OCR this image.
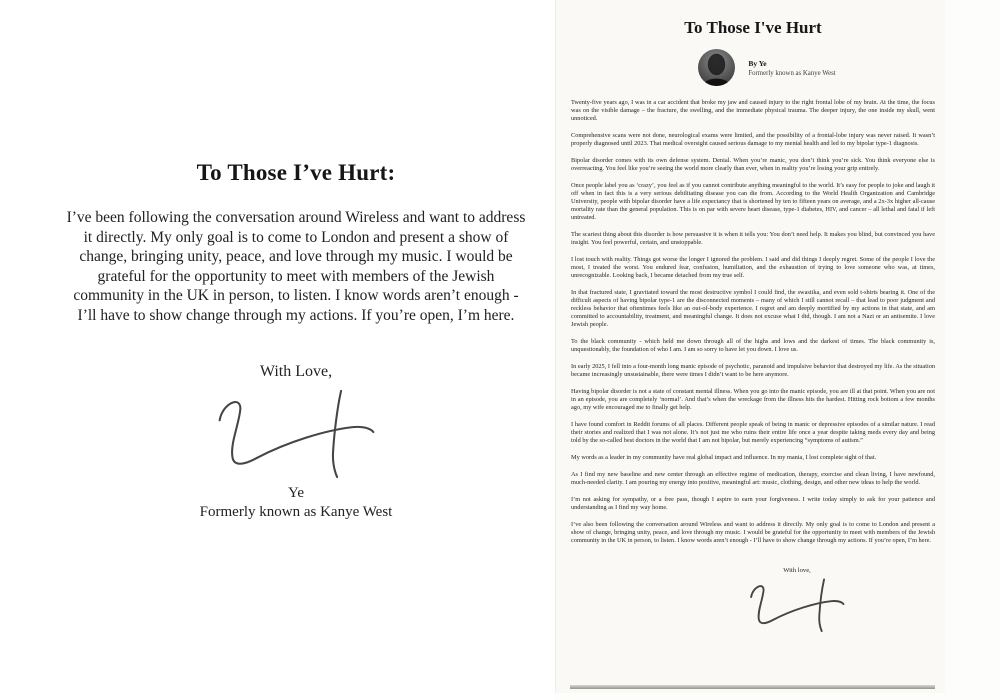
To Those I’ve Hurt:

I’ve been following the conversation around Wireless and want to address it directly. My only goal is to come to London and present a show of change, bringing unity, peace, and love through my music. I would be grateful for the opportunity to meet with members of the Jewish community in the UK in person, to listen. I know words aren’t enough - I’ll have to show change through my actions. If you’re open, I’m here.

With Love,

Ye

Formerly known as Kanye West

To Those I've Hurt
By Ye
Formerly known as Kanye West

Twenty-five years ago, I was in a car accident that broke my jaw and caused injury to the right frontal lobe of my brain. At the time, the focus was on the visible damage – the fracture, the swelling, and the immediate physical trauma. The deeper injury, the one inside my skull, went unnoticed.

Comprehensive scans were not done, neurological exams were limited, and the possibility of a frontal-lobe injury was never raised. It wasn’t properly diagnosed until 2023. That medical oversight caused serious damage to my mental health and led to my bipolar type-1 diagnosis.

Bipolar disorder comes with its own defense system. Denial. When you’re manic, you don’t think you’re sick. You think everyone else is overreacting. You feel like you’re seeing the world more clearly than ever, when in reality you’re losing your grip entirely.

Once people label you as ‘crazy’, you feel as if you cannot contribute anything meaningful to the world. It’s easy for people to joke and laugh it off when in fact this is a very serious debilitating disease you can die from. According to the World Health Organization and Cambridge University, people with bipolar disorder have a life expectancy that is shortened by ten to fifteen years on average, and a 2x-3x higher all-cause mortality rate than the general population. This is on par with severe heart disease, type-1 diabetes, HIV, and cancer – all lethal and fatal if left untreated.

The scariest thing about this disorder is how persuasive it is when it tells you: You don’t need help. It makes you blind, but convinced you have insight. You feel powerful, certain, and unstoppable.

I lost touch with reality. Things got worse the longer I ignored the problem. I said and did things I deeply regret. Some of the people I love the most, I treated the worst. You endured fear, confusion, humiliation, and the exhaustion of trying to love someone who was, at times, unrecognizable. Looking back, I became detached from my true self.

In that fractured state, I gravitated toward the most destructive symbol I could find, the swastika, and even sold t-shirts bearing it. One of the difficult aspects of having bipolar type-1 are the disconnected moments – many of which I still cannot recall – that lead to poor judgment and reckless behavior that oftentimes feels like an out-of-body experience. I regret and am deeply mortified by my actions in that state, and am committed to accountability, treatment, and meaningful change. It does not excuse what I did, though. I am not a Nazi or an antisemite. I love Jewish people.

To the black community - which held me down through all of the highs and lows and the darkest of times. The black community is, unquestionably, the foundation of who I am. I am so sorry to have let you down. I love us.

In early 2025, I fell into a four-month long manic episode of psychotic, paranoid and impulsive behavior that destroyed my life. As the situation became increasingly unsustainable, there were times I didn’t want to be here anymore.

Having bipolar disorder is not a state of constant mental illness. When you go into the manic episode, you are ill at that point. When you are not in an episode, you are completely ‘normal’. And that’s when the wreckage from the illness hits the hardest. Hitting rock bottom a few months ago, my wife encouraged me to finally get help.

I have found comfort in Reddit forums of all places. Different people speak of being in manic or depressive episodes of a similar nature. I read their stories and realized that I was not alone. It’s not just me who ruins their entire life once a year despite taking meds every day and being told by the so-called best doctors in the world that I am not bipolar, but merely experiencing “symptoms of autism.”

My words as a leader in my community have real global impact and influence. In my mania, I lost complete sight of that.

As I find my new baseline and new center through an effective regime of medication, therapy, exercise and clean living, I have newfound, much-needed clarity. I am pouring my energy into positive, meaningful art: music, clothing, design, and other new ideas to help the world.

I’m not asking for sympathy, or a free pass, though I aspire to earn your forgiveness. I write today simply to ask for your patience and understanding as I find my way home.

I’ve also been following the conversation around Wireless and want to address it directly. My only goal is to come to London and present a show of change, bringing unity, peace, and love through my music. I would be grateful for the opportunity to meet with members of the Jewish community in the UK in person, to listen. I know words aren’t enough - I’ll have to show change through my actions. If you’re open, I’m here.

With love,
